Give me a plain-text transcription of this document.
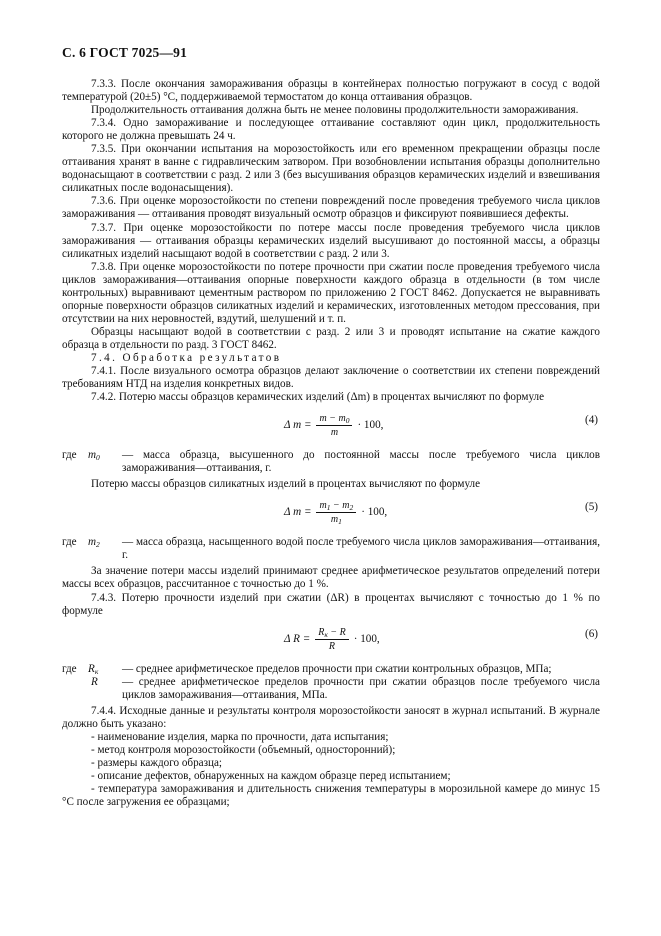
С. 6 ГОСТ 7025—91

7.3.3. После окончания замораживания образцы в контейнерах полностью погружают в сосуд с водой температурой (20±5) °С, поддерживаемой термостатом до конца оттаивания образцов.

Продолжительность оттаивания должна быть не менее половины продолжительности замораживания.

7.3.4. Одно замораживание и последующее оттаивание составляют один цикл, продолжительность которого не должна превышать 24 ч.

7.3.5. При окончании испытания на морозостойкость или его временном прекращении образцы после оттаивания хранят в ванне с гидравлическим затвором. При возобновлении испытания образцы дополнительно водонасыщают в соответствии с разд. 2 или 3 (без высушивания образцов керамических изделий и взвешивания силикатных после водонасыщения).

7.3.6. При оценке морозостойкости по степени повреждений после проведения требуемого числа циклов замораживания — оттаивания проводят визуальный осмотр образцов и фиксируют появившиеся дефекты.

7.3.7. При оценке морозостойкости по потере массы после проведения требуемого числа циклов замораживания — оттаивания образцы керамических изделий высушивают до постоянной массы, а образцы силикатных изделий насыщают водой в соответствии с разд. 2 или 3.

7.3.8. При оценке морозостойкости по потере прочности при сжатии после проведения требуемого числа циклов замораживания—оттаивания опорные поверхности каждого образца в отдельности (в том числе контрольных) выравнивают цементным раствором по приложению 2 ГОСТ 8462. Допускается не выравнивать опорные поверхности образцов силикатных изделий и керамических, изготовленных методом прессования, при отсутствии на них неровностей, вздутий, шелушений и т. п.

Образцы насыщают водой в соответствии с разд. 2 или 3 и проводят испытание на сжатие каждого образца в отдельности по разд. 3 ГОСТ 8462.

7.4. Обработка результатов

7.4.1. После визуального осмотра образцов делают заключение о соответствии их степени повреждений требованиям НТД на изделия конкретных видов.

7.4.2. Потерю массы образцов керамических изделий (Δm) в процентах вычисляют по формуле

Δ $m = \frac{m - m_0}{m} \cdot 100$,	(4)

где $m_0$ — масса образца, высушенного до постоянной массы после требуемого числа циклов замораживания—оттаивания, г.

Потерю массы образцов силикатных изделий в процентах вычисляют по формуле

Δ $m = \frac{m_1 - m_2}{m_1} \cdot 100$,	(5)

где $m_2$ — масса образца, насыщенного водой после требуемого числа циклов замораживания—оттаивания, г.

За значение потери массы изделий принимают среднее арифметическое результатов определений потери массы всех образцов, рассчитанное с точностью до 1 %.

7.4.3. Потерю прочности изделий при сжатии (ΔR) в процентах вычисляют с точностью до 1 % по формуле

Δ $R = \frac{R_к - R}{R} \cdot 100$,	(6)

где $R_к$ — среднее арифметическое пределов прочности при сжатии контрольных образцов, МПа;

R — среднее арифметическое пределов прочности при сжатии образцов после требуемого числа циклов замораживания—оттаивания, МПа.

7.4.4. Исходные данные и результаты контроля морозостойкости заносят в журнал испытаний. В журнале должно быть указано:

- наименование изделия, марка по прочности, дата испытания;

- метод контроля морозостойкости (объемный, односторонний);

- размеры каждого образца;

- описание дефектов, обнаруженных на каждом образце перед испытанием;

- температура замораживания и длительность снижения температуры в морозильной камере до минус 15 °С после загружения ее образцами;
